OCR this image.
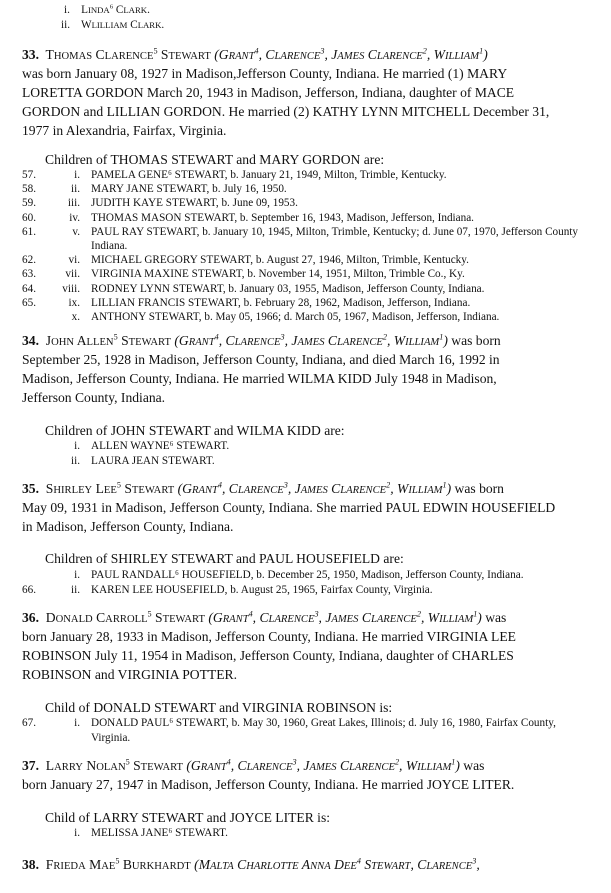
i. LINDA$^6$ CLARK.
ii. WLILLIAM CLARK.
33.  THOMAS CLARENCE$^5$ STEWART (GRANT$^4$, CLARENCE$^3$, JAMES CLARENCE$^2$, WILLIAM$^1$)
was born January 08, 1927 in Madison,Jefferson County, Indiana. He married (1) MARY
LORETTA GORDON March 20, 1943 in Madison, Jefferson, Indiana, daughter of MACE
GORDON and LILLIAN GORDON. He married (2) KATHY LYNN MITCHELL December 31,
1977 in Alexandria, Fairfax, Virginia.
Children of THOMAS STEWART and MARY GORDON are:
57.	i. PAMELA GENE⁶ STEWART, b. January 21, 1949, Milton, Trimble, Kentucky.
58.	ii. MARY JANE STEWART, b. July 16, 1950.
59.	iii. JUDITH KAYE STEWART, b. June 09, 1953.
60.	iv. THOMAS MASON STEWART, b. September 16, 1943, Madison, Jefferson, Indiana.
61.	v. PAUL RAY STEWART, b. January 10, 1945, Milton, Trimble, Kentucky; d. June 07, 1970, Jefferson County
Indiana.
62.	vi. MICHAEL GREGORY STEWART, b. August 27, 1946, Milton, Trimble, Kentucky.
63.	vii. VIRGINIA MAXINE STEWART, b. November 14, 1951, Milton, Trimble Co., Ky.
64.	viii. RODNEY LYNN STEWART, b. January 03, 1955, Madison, Jefferson County, Indiana.
65.	ix. LILLIAN FRANCIS STEWART, b. February 28, 1962, Madison, Jefferson, Indiana.
x. ANTHONY STEWART, b. May 05, 1966; d. March 05, 1967, Madison, Jefferson, Indiana.
34.  JOHN ALLEN$^5$ STEWART (GRANT$^4$, CLARENCE$^3$, JAMES CLARENCE$^2$, WILLIAM$^1$) was born
September 25, 1928 in Madison, Jefferson County, Indiana, and died March 16, 1992 in
Madison, Jefferson County, Indiana. He married WILMA KIDD July 1948 in Madison,
Jefferson County, Indiana.
Children of JOHN STEWART and WILMA KIDD are:
i. ALLEN WAYNE⁶ STEWART.
ii. LAURA JEAN STEWART.
35.  SHIRLEY LEE$^5$ STEWART (GRANT$^4$, CLARENCE$^3$, JAMES CLARENCE$^2$, WILLIAM$^1$) was born
May 09, 1931 in Madison, Jefferson County, Indiana. She married PAUL EDWIN HOUSEFIELD
in Madison, Jefferson County, Indiana.
Children of SHIRLEY STEWART and PAUL HOUSEFIELD are:
i. PAUL RANDALL⁶ HOUSEFIELD, b. December 25, 1950, Madison, Jefferson County, Indiana.
66.	ii. KAREN LEE HOUSEFIELD, b. August 25, 1965, Fairfax County, Virginia.
36.  DONALD CARROLL$^5$ STEWART (GRANT$^4$, CLARENCE$^3$, JAMES CLARENCE$^2$, WILLIAM$^1$) was
born January 28, 1933 in Madison, Jefferson County, Indiana. He married VIRGINIA LEE
ROBINSON July 11, 1954 in Madison, Jefferson County, Indiana, daughter of CHARLES
ROBINSON and VIRGINIA POTTER.
Child of DONALD STEWART and VIRGINIA ROBINSON is:
67.	i. DONALD PAUL⁶ STEWART, b. May 30, 1960, Great Lakes, Illinois; d. July 16, 1980, Fairfax County,
Virginia.
37.  LARRY NOLAN$^5$ STEWART (GRANT$^4$, CLARENCE$^3$, JAMES CLARENCE$^2$, WILLIAM$^1$) was
born January 27, 1947 in Madison, Jefferson County, Indiana. He married JOYCE LITER.
Child of LARRY STEWART and JOYCE LITER is:
i. MELISSA JANE⁶ STEWART.
38.  FRIEDA MAE$^5$ BURKHARDT (MALTA CHARLOTTE ANNA DEE$^4$ STEWART, CLARENCE$^3$,
